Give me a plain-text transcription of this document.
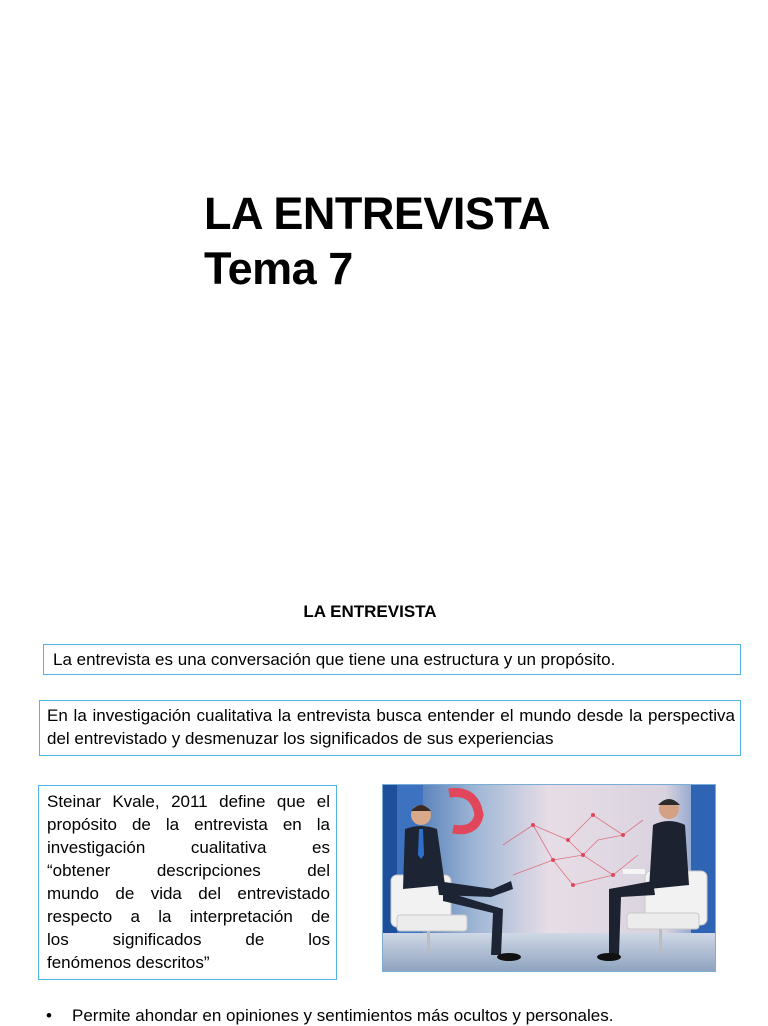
LA ENTREVISTA
Tema 7
LA ENTREVISTA
La entrevista es una conversación que tiene una estructura y un propósito.
En la investigación cualitativa la entrevista busca entender el mundo desde la perspectiva del entrevistado y desmenuzar los significados de sus experiencias
Steinar Kvale, 2011 define que el
propósito de la entrevista en la
investigación cualitativa es
“obtener descripciones del
mundo de vida del entrevistado
respecto a la interpretación de
los significados de los
fenómenos descritos”
• Permite ahondar en opiniones y sentimientos más ocultos y personales.
